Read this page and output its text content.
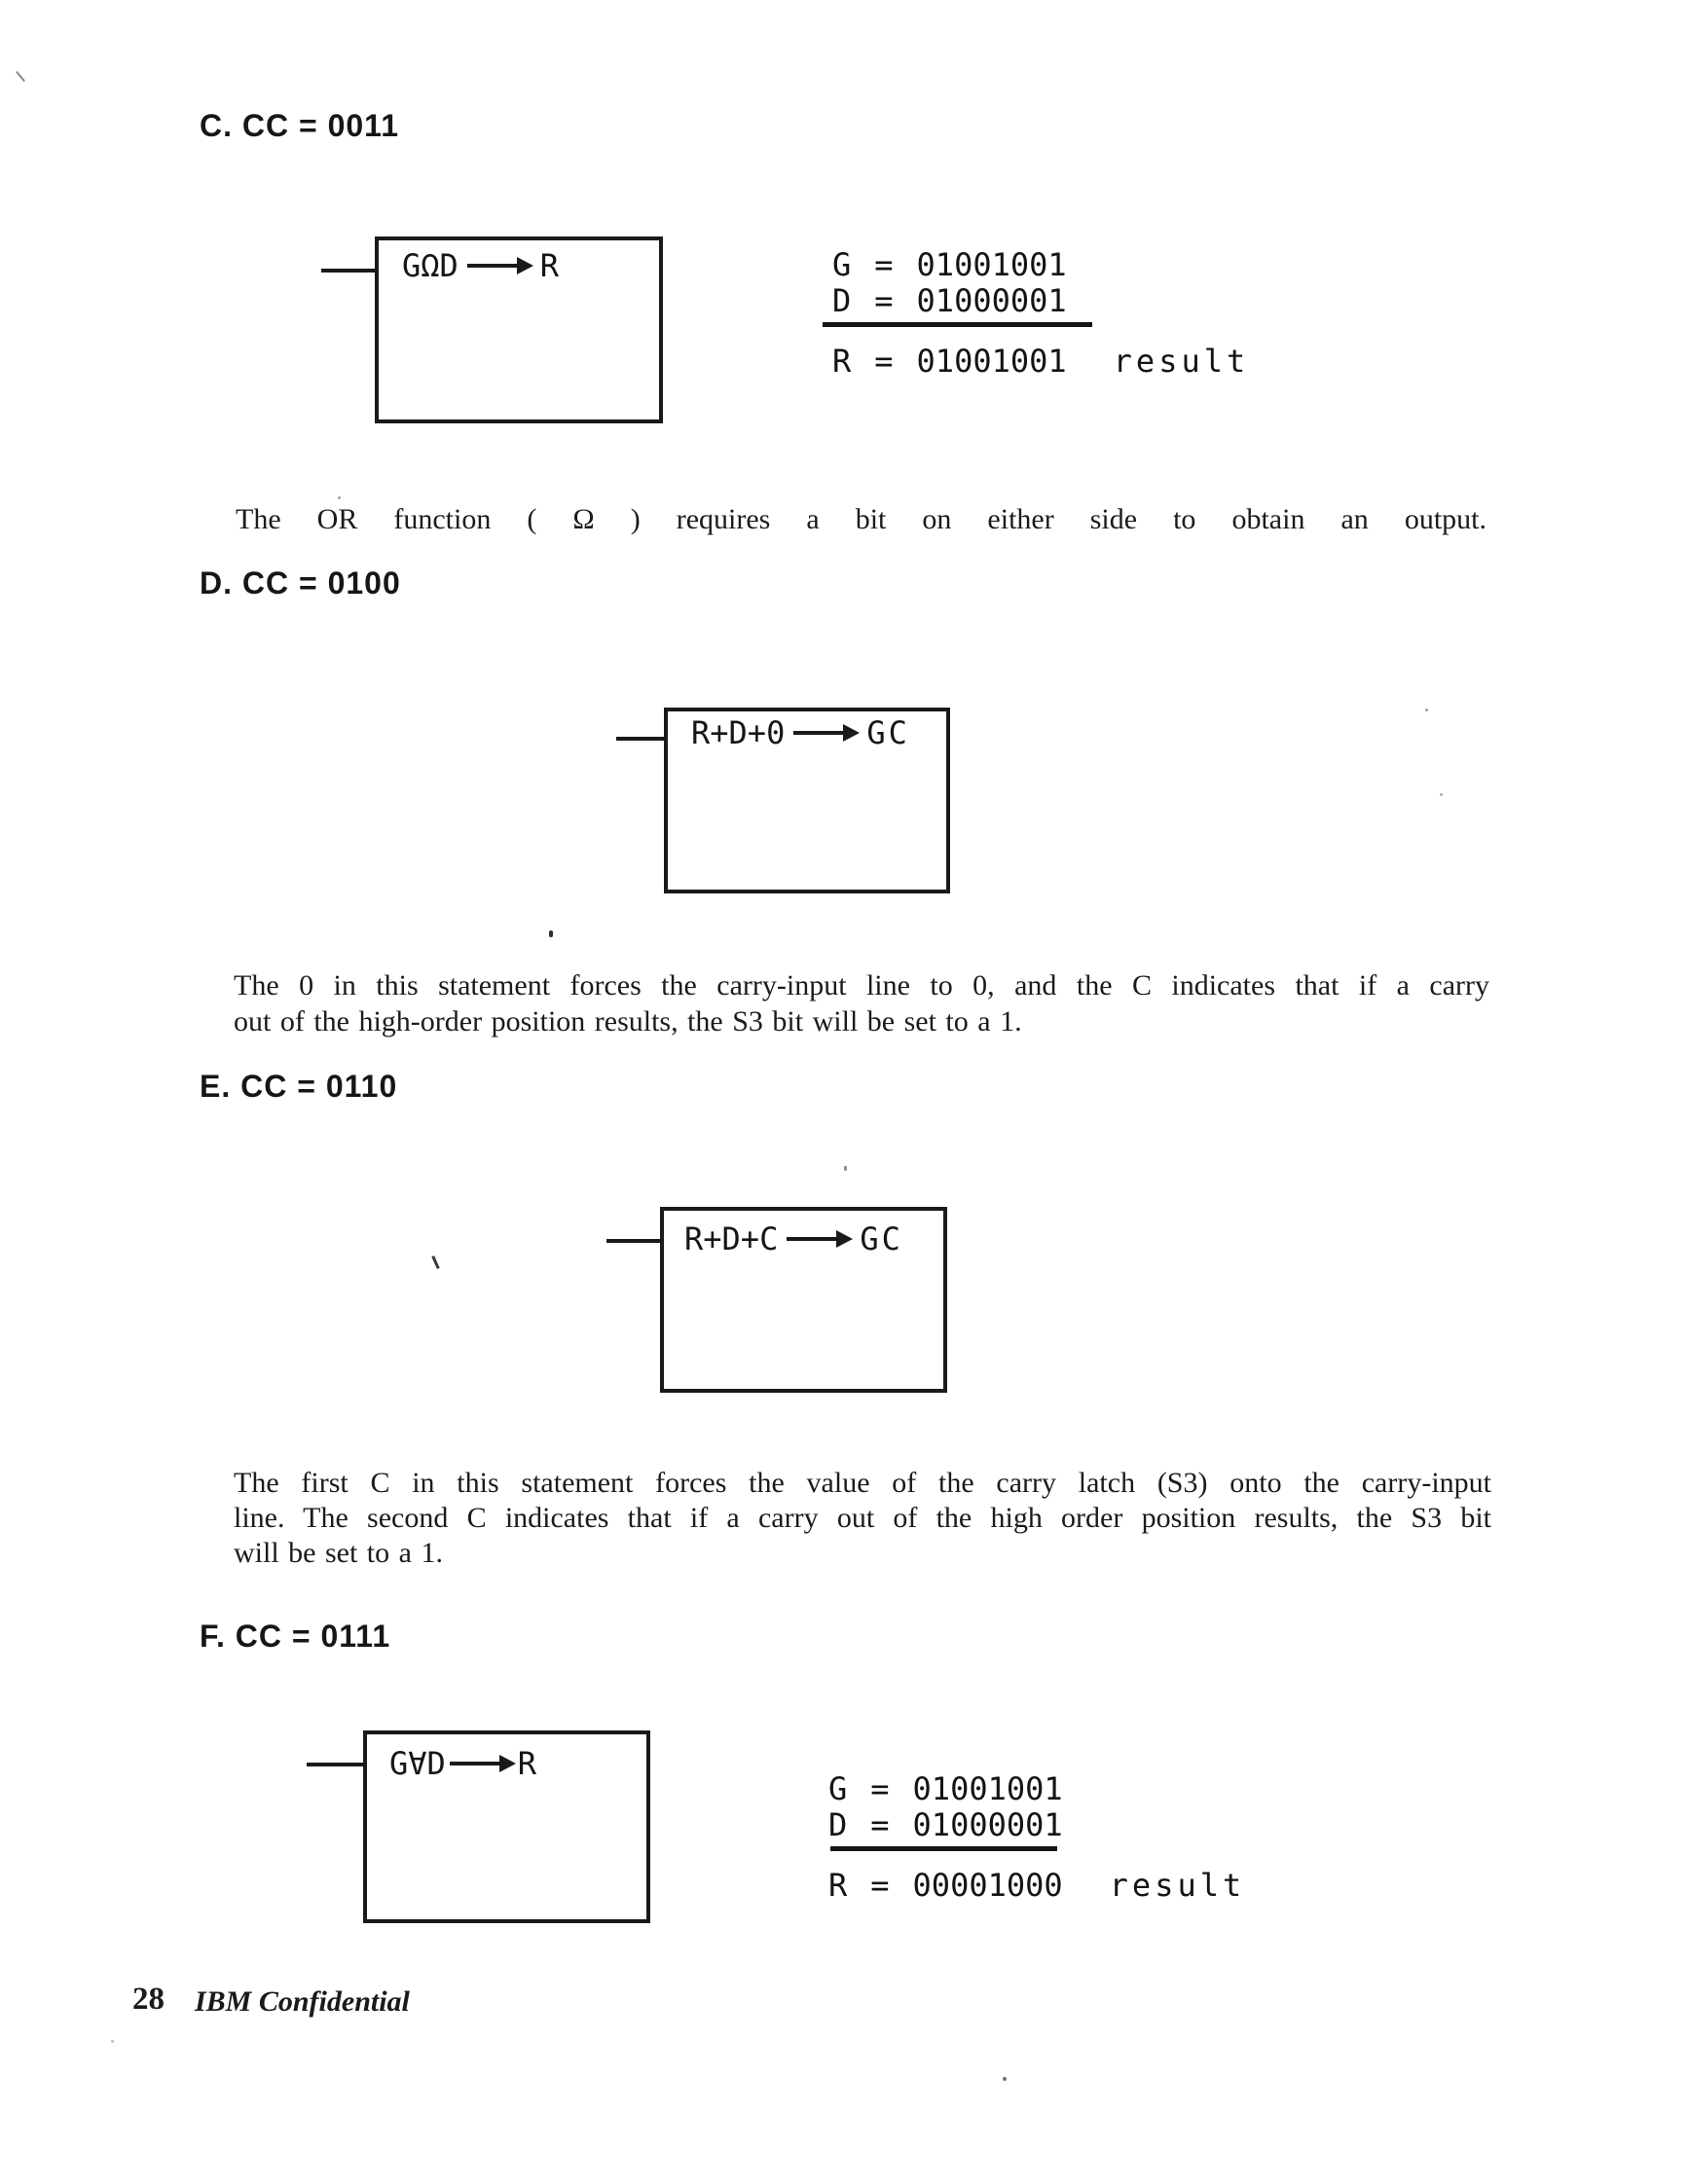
C. CC = 0011
GΩD	R	G = 01001001
D = 01000001
R = 01001001 result
The OR function ( Ω ) requires a bit on either side to obtain an output.
D. CC = 0100
R+D+0	GC
The 0 in this statement forces the carry-input line to 0, and the C indicates that if a carry
out of the high-order position results, the S3 bit will be set to a 1.
E. CC = 0110
R+D+C	GC
The first C in this statement forces the value of the carry latch (S3) onto the carry-input
line. The second C indicates that if a carry out of the high order position results, the S3 bit
will be set to a 1.
F. CC = 0111
G∀D R
G = 01001001
D = 01000001
R = 00001000 result
28 IBM Confidential
